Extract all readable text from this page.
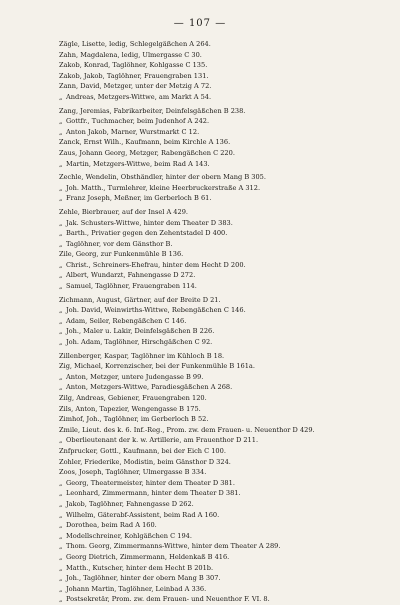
— 107 —
Zägle, Lisette, ledig, Schlegelgäßchen A 264.
Zahn, Magdalena, ledig, Ulmergasse C 30.
Zakob, Konrad, Taglöhner, Kohlgasse C 135.
Zakob, Jakob, Taglöhner, Frauengraben 131.
Zann, David, Metzger, unter der Metzig A 72.
„ Andreas, Metzgers-Wittwe, am Markt A 54.
Zang, Jeremias, Fabrikarbeiter, Deinfelsgäßchen B 238.
„ Gottfr., Tuchmacher, beim Judenhof A 242.
„ Anton Jakob, Marner, Wurstmarkt C 12.
Zanck, Ernst Wilh., Kaufmann, beim Kirchle A 136.
Zaus, Johann Georg, Metzger, Rabengäßchen C 220.
„ Martin, Metzgers-Wittwe, beim Rad A 143.
Zechle, Wendelin, Obsthändler, hinter der obern Mang B 305.
„ Joh. Matth., Turmlehrer, kleine Heerbruckerstraße A 312.
„ Franz Joseph, Meßner, im Gerberloch B 61.
Zehle, Bierbrauer, auf der Insel A 429.
„ Jak. Schusters-Wittwe, hinter dem Theater D 383.
„ Barth., Privatier gegen den Zehentstadel D 400.
„ Taglöhner, vor dem Gänsthor B.
Zile, Georg, zur Funkenmühle B 136.
„ Christ., Schreiners-Ehefrau, hinter dem Hecht D 200.
„ Albert, Wundarzt, Fahnengasse D 272.
„ Samuel, Taglöhner, Frauengraben 114.
Zichmann, August, Gärtner, auf der Breite D 21.
„ Joh. David, Weinwirths-Wittwe, Rebengäßchen C 146.
„ Adam, Seiler, Rebengäßchen C 146.
„ Joh., Maler u. Lakir, Deinfelsgäßchen B 226.
„ Joh. Adam, Taglöhner, Hirschgäßchen C 92.
Zillenberger, Kaspar, Taglöhner im Kühloch B 18.
Zig, Michael, Korrenzischer, bei der Funkenmühle B 161a.
„ Anton, Metzger, untere Judengasse B 99.
„ Anton, Metzgers-Wittwe, Paradiesgäßchen A 268.
Zilg, Andreas, Gebiener, Frauengraben 120.
Zils, Anton, Tapezier, Wengengasse B 175.
Zimhof, Joh., Taglöhner, im Gerberloch B 52.
Zmile, Lieut. des k. 6. Inf.-Reg., Prom. zw. dem Frauen- u. Neuenthor D 429.
„ Oberlieutenant der k. w. Artillerie, am Frauenthor D 211.
Znfprucker, Gottl., Kaufmann, bei der Eich C 100.
Zohler, Friederike, Modistin, beim Gänsthor D 324.
Zoos, Joseph, Taglöhner, Ulmergasse B 334.
„ Georg, Theatermeister, hinter dem Theater D 381.
„ Leonhard, Zimmermann, hinter dem Theater D 381.
„ Jakob, Taglöhner, Fahnengasse D 262.
„ Wilhelm, Gäterabf-Assistent, beim Rad A 160.
„ Dorothea, beim Rad A 160.
„ Modellschreiner, Kohlgäßchen C 194.
„ Thom. Georg, Zimmermanns-Wittwe, hinter dem Theater A 289.
„ Georg Dietrich, Zimmermann, Heldenkaß B 416.
„ Matth., Kutscher, hinter dem Hecht B 201b.
„ Joh., Taglöhner, hinter der obern Mang B 307.
„ Johann Martin, Taglöhner, Leinbad A 336.
„ Postsekretär, Prom. zw. dem Frauen- und Neuenthor F. VI. 8.
